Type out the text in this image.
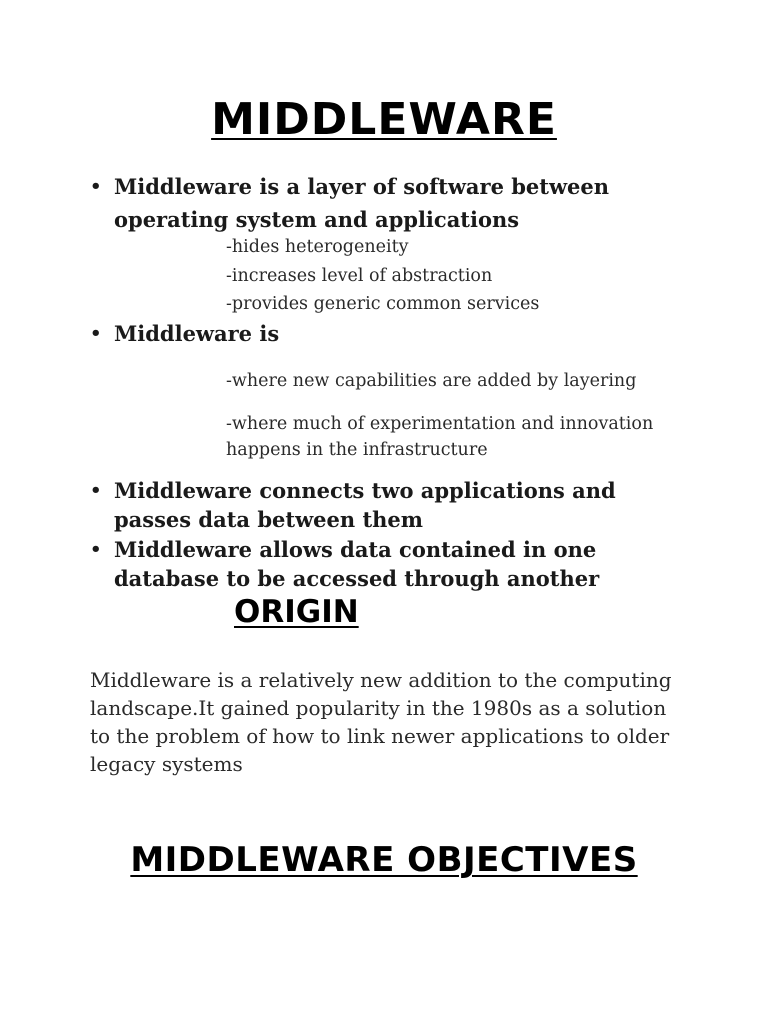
MIDDLEWARE
• Middleware is a layer of software between operating system and applications
-hides heterogeneity
-increases level of abstraction
-provides generic common services
• Middleware is
-where new capabilities are added by layering
-where much of experimentation and innovation happens in the infrastructure
• Middleware connects two applications and passes data between them
• Middleware allows data contained in one database to be accessed through another
ORIGIN

Middleware is a relatively new addition to the computing landscape.It gained popularity in the 1980s as a solution to the problem of how to link newer applications to older legacy systems

MIDDLEWARE OBJECTIVES
